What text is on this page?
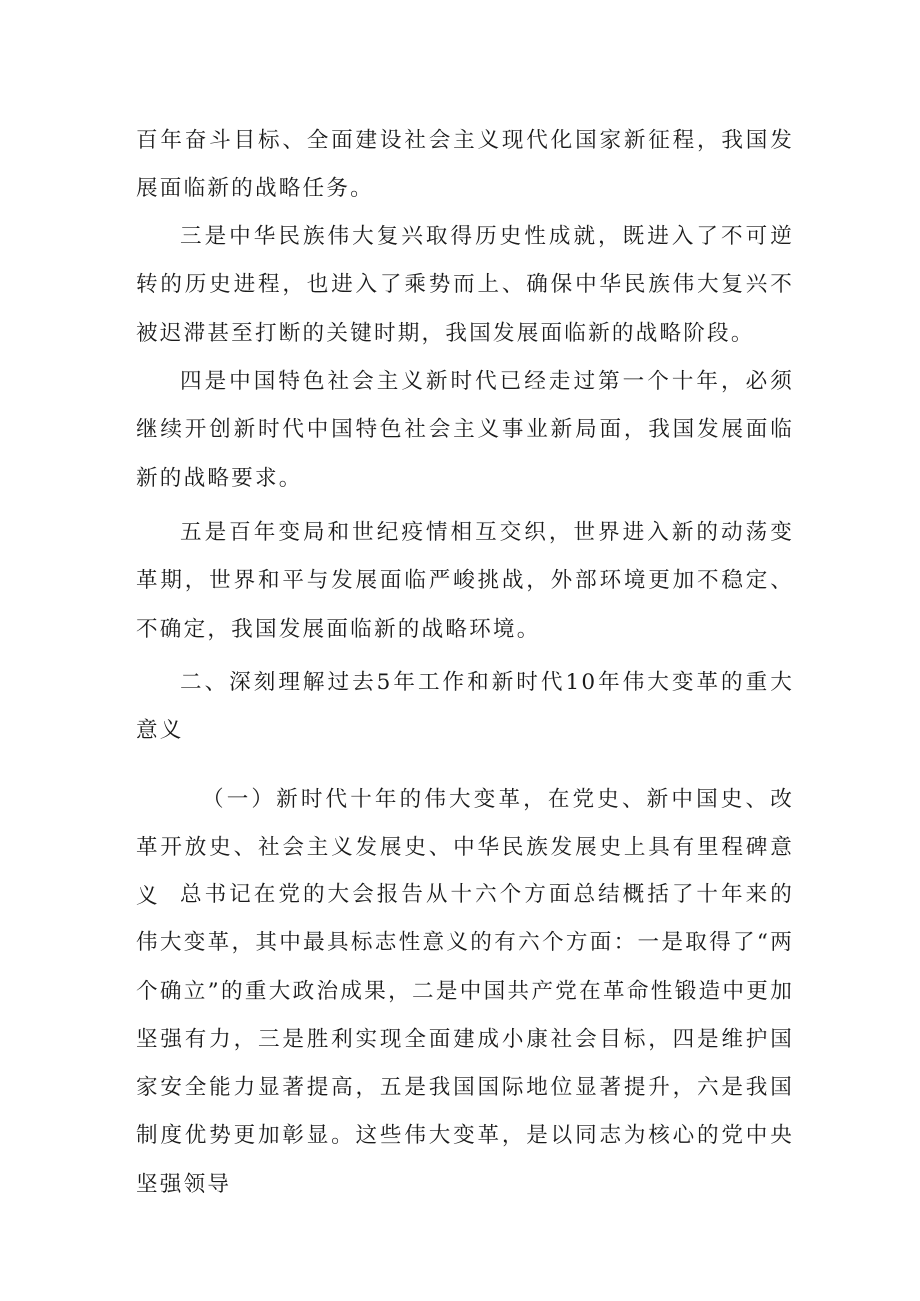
百年奋斗目标、全面建设社会主义现代化国家新征程，我国发展面临新的战略任务。

三是中华民族伟大复兴取得历史性成就，既进入了不可逆转的历史进程，也进入了乘势而上、确保中华民族伟大复兴不被迟滞甚至打断的关键时期，我国发展面临新的战略阶段。

四是中国特色社会主义新时代已经走过第一个十年，必须继续开创新时代中国特色社会主义事业新局面，我国发展面临新的战略要求。

五是百年变局和世纪疫情相互交织，世界进入新的动荡变革期，世界和平与发展面临严峻挑战，外部环境更加不稳定、不确定，我国发展面临新的战略环境。

二、深刻理解过去5年工作和新时代10年伟大变革的重大意义

（一）新时代十年的伟大变革，在党史、新中国史、改革开放史、社会主义发展史、中华民族发展史上具有里程碑意义 总书记在党的大会报告从十六个方面总结概括了十年来的伟大变革，其中最具标志性意义的有六个方面：一是取得了“两个确立”的重大政治成果，二是中国共产党在革命性锻造中更加坚强有力，三是胜利实现全面建成小康社会目标，四是维护国家安全能力显著提高，五是我国国际地位显著提升，六是我国制度优势更加彰显。这些伟大变革，是以同志为核心的党中央坚强领导
